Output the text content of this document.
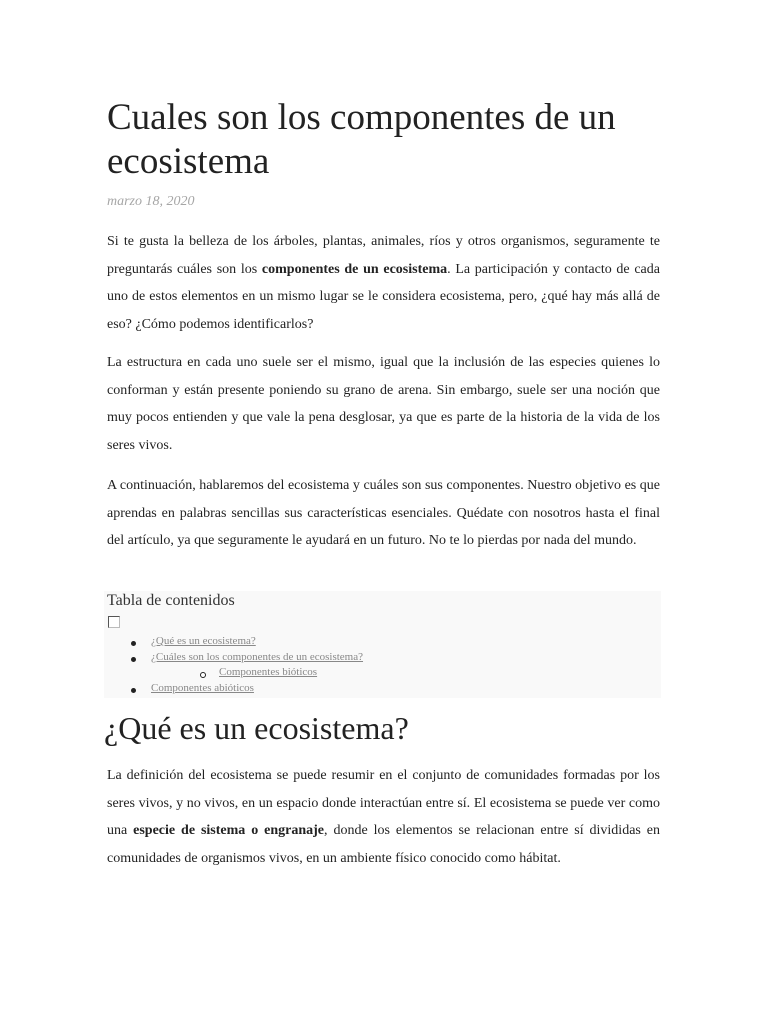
Cuales son los componentes de un ecosistema
marzo 18, 2020

Si te gusta la belleza de los árboles, plantas, animales, ríos y otros organismos, seguramente te preguntarás cuáles son los componentes de un ecosistema. La participación y contacto de cada uno de estos elementos en un mismo lugar se le considera ecosistema, pero, ¿qué hay más allá de eso? ¿Cómo podemos identificarlos?

La estructura en cada uno suele ser el mismo, igual que la inclusión de las especies quienes lo conforman y están presente poniendo su grano de arena. Sin embargo, suele ser una noción que muy pocos entienden y que vale la pena desglosar, ya que es parte de la historia de la vida de los seres vivos.

A continuación, hablaremos del ecosistema y cuáles son sus componentes. Nuestro objetivo es que aprendas en palabras sencillas sus características esenciales. Quédate con nosotros hasta el final del artículo, ya que seguramente le ayudará en un futuro. No te lo pierdas por nada del mundo.

Tabla de contenidos
¿Qué es un ecosistema?
¿Cuáles son los componentes de un ecosistema?
Componentes bióticos
Componentes abióticos
¿Qué es un ecosistema?

La definición del ecosistema se puede resumir en el conjunto de comunidades formadas por los seres vivos, y no vivos, en un espacio donde interactúan entre sí. El ecosistema se puede ver como una especie de sistema o engranaje, donde los elementos se relacionan entre sí divididas en comunidades de organismos vivos, en un ambiente físico conocido como hábitat.
